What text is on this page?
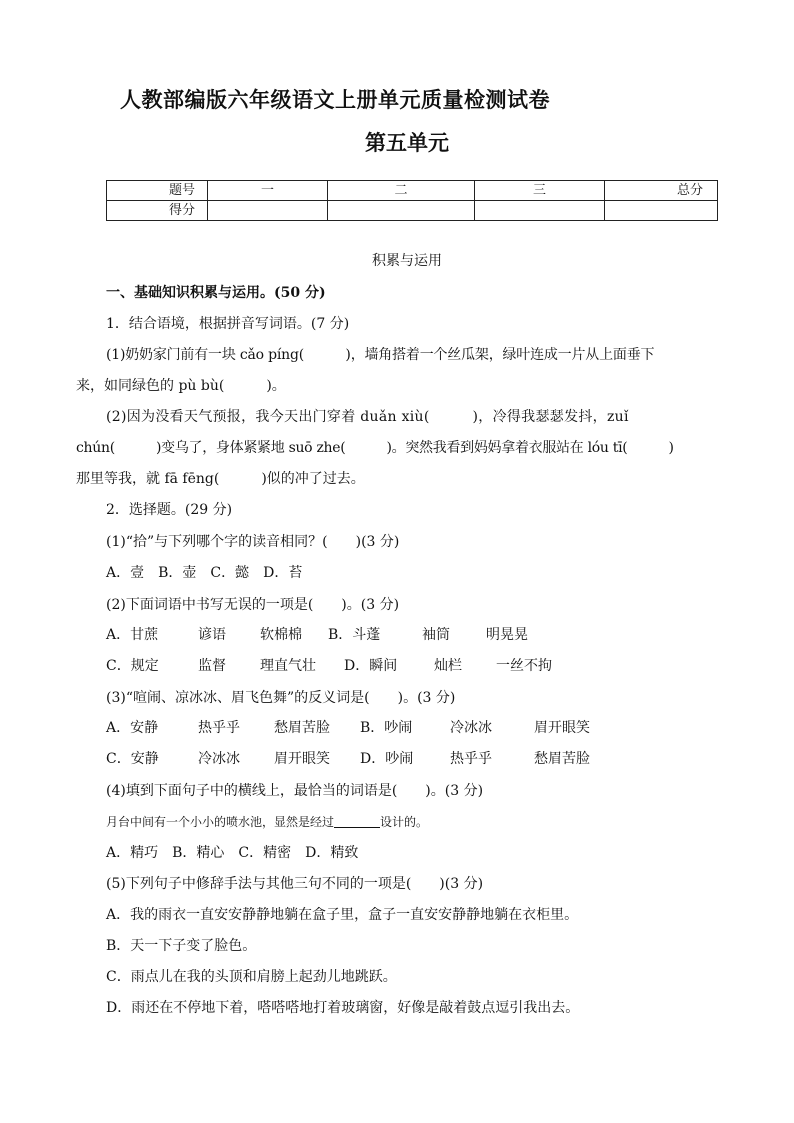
人教部编版六年级语文上册单元质量检测试卷
第五单元
题号	一	二	三	总分
得分				
积累与运用
一、基础知识积累与运用。(50 分)
1．结合语境，根据拼音写词语。(7 分)
(1)奶奶家门前有一块 cǎo píng(　　　)，墙角搭着一个丝瓜架，绿叶连成一片从上面垂下
来，如同绿色的 pù bù(　　　)。
(2)因为没看天气预报，我今天出门穿着 duǎn xiù(　　　)，冷得我瑟瑟发抖，zuǐ
chún(　　　)变乌了，身体紧紧地 suō zhe(　　　)。突然我看到妈妈拿着衣服站在 lóu tī(　　　)
那里等我，就 fā fēng(　　　)似的冲了过去。
2．选择题。(29 分)
(1)“拾”与下列哪个字的读音相同？(　　)(3 分)
A．壹　B．壶　C．懿　D．苔
(2)下面词语中书写无误的一项是(　　)。(3 分)
A．甘蔗	谚语 软棉棉 B．斗蓬	袖筒	明晃晃
C．规定	监督 理直气壮 D．瞬间	灿栏 一丝不拘
(3)“喧闹、凉冰冰、眉飞色舞”的反义词是(　　)。(3 分)
A．安静	热乎乎 愁眉苦脸 B．吵闹	冷冰冰	眉开眼笑
C．安静	冷冰冰 眉开眼笑 D．吵闹	热乎乎	愁眉苦脸
(4)填到下面句子中的横线上，最恰当的词语是(　　)。(3 分)
月台中间有一个小小的喷水池，显然是经过	设计的。
A．精巧　B．精心　C．精密　D．精致
(5)下列句子中修辞手法与其他三句不同的一项是(　　)(3 分)
A．我的雨衣一直安安静静地躺在盒子里，盒子一直安安静静地躺在衣柜里。
B．天一下子变了脸色。
C．雨点儿在我的头顶和肩膀上起劲儿地跳跃。
D．雨还在不停地下着，嗒嗒嗒地打着玻璃窗，好像是敲着鼓点逗引我出去。
